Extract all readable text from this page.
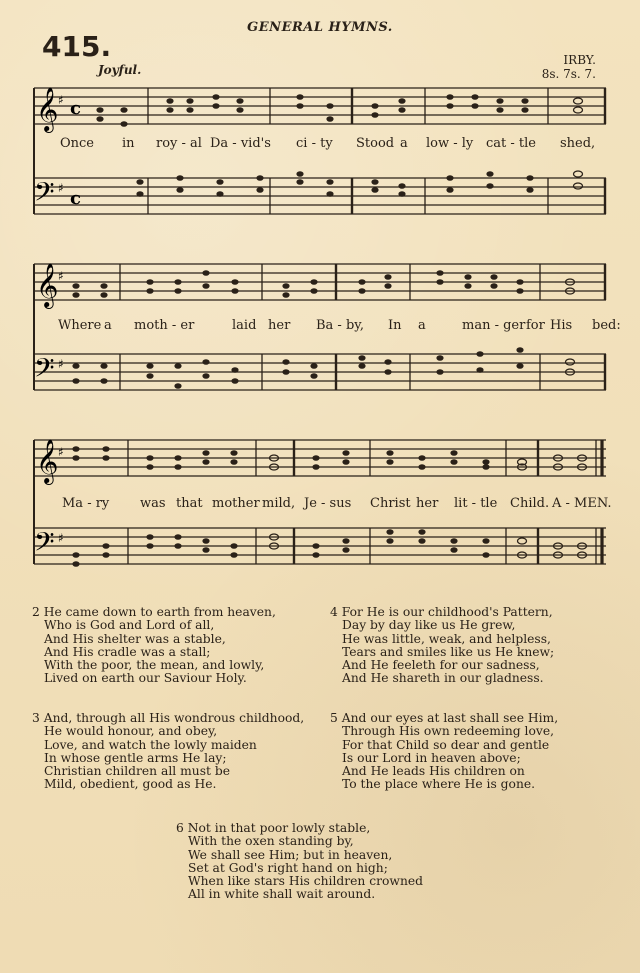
GENERAL HYMNS.
415.
Joyful.
IRBY.
8s. 7s. 7.
𝄞
𝄢
♯
♯
c
c
Once in roy - al Da - vid's ci - ty Stood a low - ly cat - tle shed,
𝄞
𝄢
♯
♯
Where a moth - er	laid her Ba - by, In a	man - ger for His bed:
𝄞
𝄢
♯
♯
Ma - ry was that mother mild, Je - sus Christ her lit - tle Child. A - MEN.
2 He came down to earth from heaven,
Who is God and Lord of all,
And His shelter was a stable,
And His cradle was a stall;
With the poor, the mean, and lowly,
Lived on earth our Saviour Holy.
3 And, through all His wondrous childhood,
He would honour, and obey,
Love, and watch the lowly maiden
In whose gentle arms He lay;
Christian children all must be
Mild, obedient, good as He.
4 For He is our childhood's Pattern,
Day by day like us He grew,
He was little, weak, and helpless,
Tears and smiles like us He knew;
And He feeleth for our sadness,
And He shareth in our gladness.
5 And our eyes at last shall see Him,
Through His own redeeming love,
For that Child so dear and gentle
Is our Lord in heaven above;
And He leads His children on
To the place where He is gone.
6 Not in that poor lowly stable,
With the oxen standing by,
We shall see Him; but in heaven,
Set at God's right hand on high;
When like stars His children crowned
All in white shall wait around.
